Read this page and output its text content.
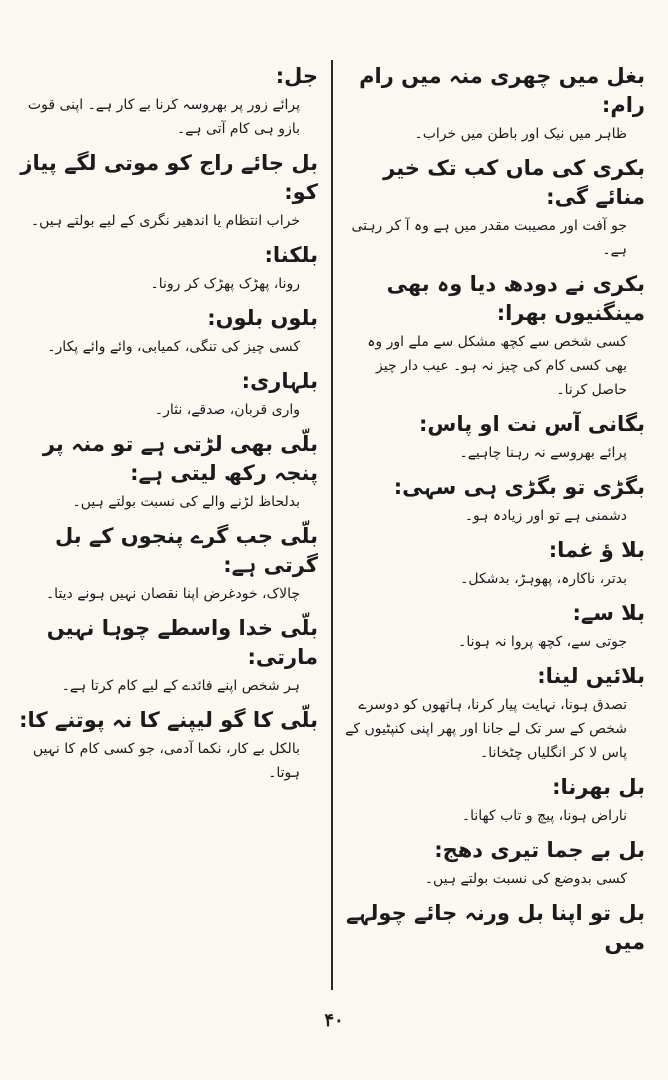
بغل میں چھری منہ میں رام رام:
ظاہر میں نیک اور باطن میں خراب۔
بکری کی ماں کب تک خیر منائے گی:
جو آفت اور مصیبت مقدر میں ہے وہ آ کر رہتی ہے۔
بکری نے دودھ دیا وہ بھی مینگنیوں بھرا:
کسی شخص سے کچھ مشکل سے ملے اور وہ بھی کسی کام کی چیز نہ ہو۔ عیب دار چیز حاصل کرنا۔
بگانی آس نت او پاس:
پرائے بھروسے نہ رہنا چاہیے۔
بگڑی تو بگڑی ہی سہی:
دشمنی ہے تو اور زیادہ ہو۔
بلا ؤ غما:
بدتر، ناکارہ، پھوہڑ، بدشکل۔
بلا سے:
جوتی سے، کچھ پروا نہ ہونا۔
بلائیں لینا:
تصدق ہونا، نہایت پیار کرنا، ہاتھوں کو دوسرے شخص کے سر تک لے جانا اور پھر اپنی کنپٹیوں کے پاس لا کر انگلیاں چٹخانا۔
بل بھرنا:
ناراض ہونا، پیچ و تاب کھانا۔
بل بے جما تیری دھج:
کسی بدوضع کی نسبت بولتے ہیں۔
بل تو اپنا بل ورنہ جائے چولہے میں
جل:
پرائے زور پر بھروسہ کرنا بے کار ہے۔ اپنی قوت بازو ہی کام آتی ہے۔
بل جائے راج کو موتی لگے پیاز کو:
خراب انتظام یا اندھیر نگری کے لیے بولتے ہیں۔
بلکنا:
رونا، پھڑک پھڑک کر رونا۔
بلوں بلوں:
کسی چیز کی تنگی، کمیابی، وائے وائے پکار۔
بلہاری:
واری قربان، صدقے، نثار۔
بلّی بھی لڑتی ہے تو منہ پر پنجہ رکھ لیتی ہے:
بدلحاظ لڑنے والے کی نسبت بولتے ہیں۔
بلّی جب گرے پنجوں کے بل گرتی ہے:
چالاک، خودغرض اپنا نقصان نہیں ہونے دیتا۔
بلّی خدا واسطے چوہا نہیں مارتی:
ہر شخص اپنے فائدے کے لیے کام کرتا ہے۔
بلّی کا گو لیپنے کا نہ پوتنے کا:
بالکل بے کار، نکما آدمی، جو کسی کام کا نہیں ہوتا۔
۴۰
